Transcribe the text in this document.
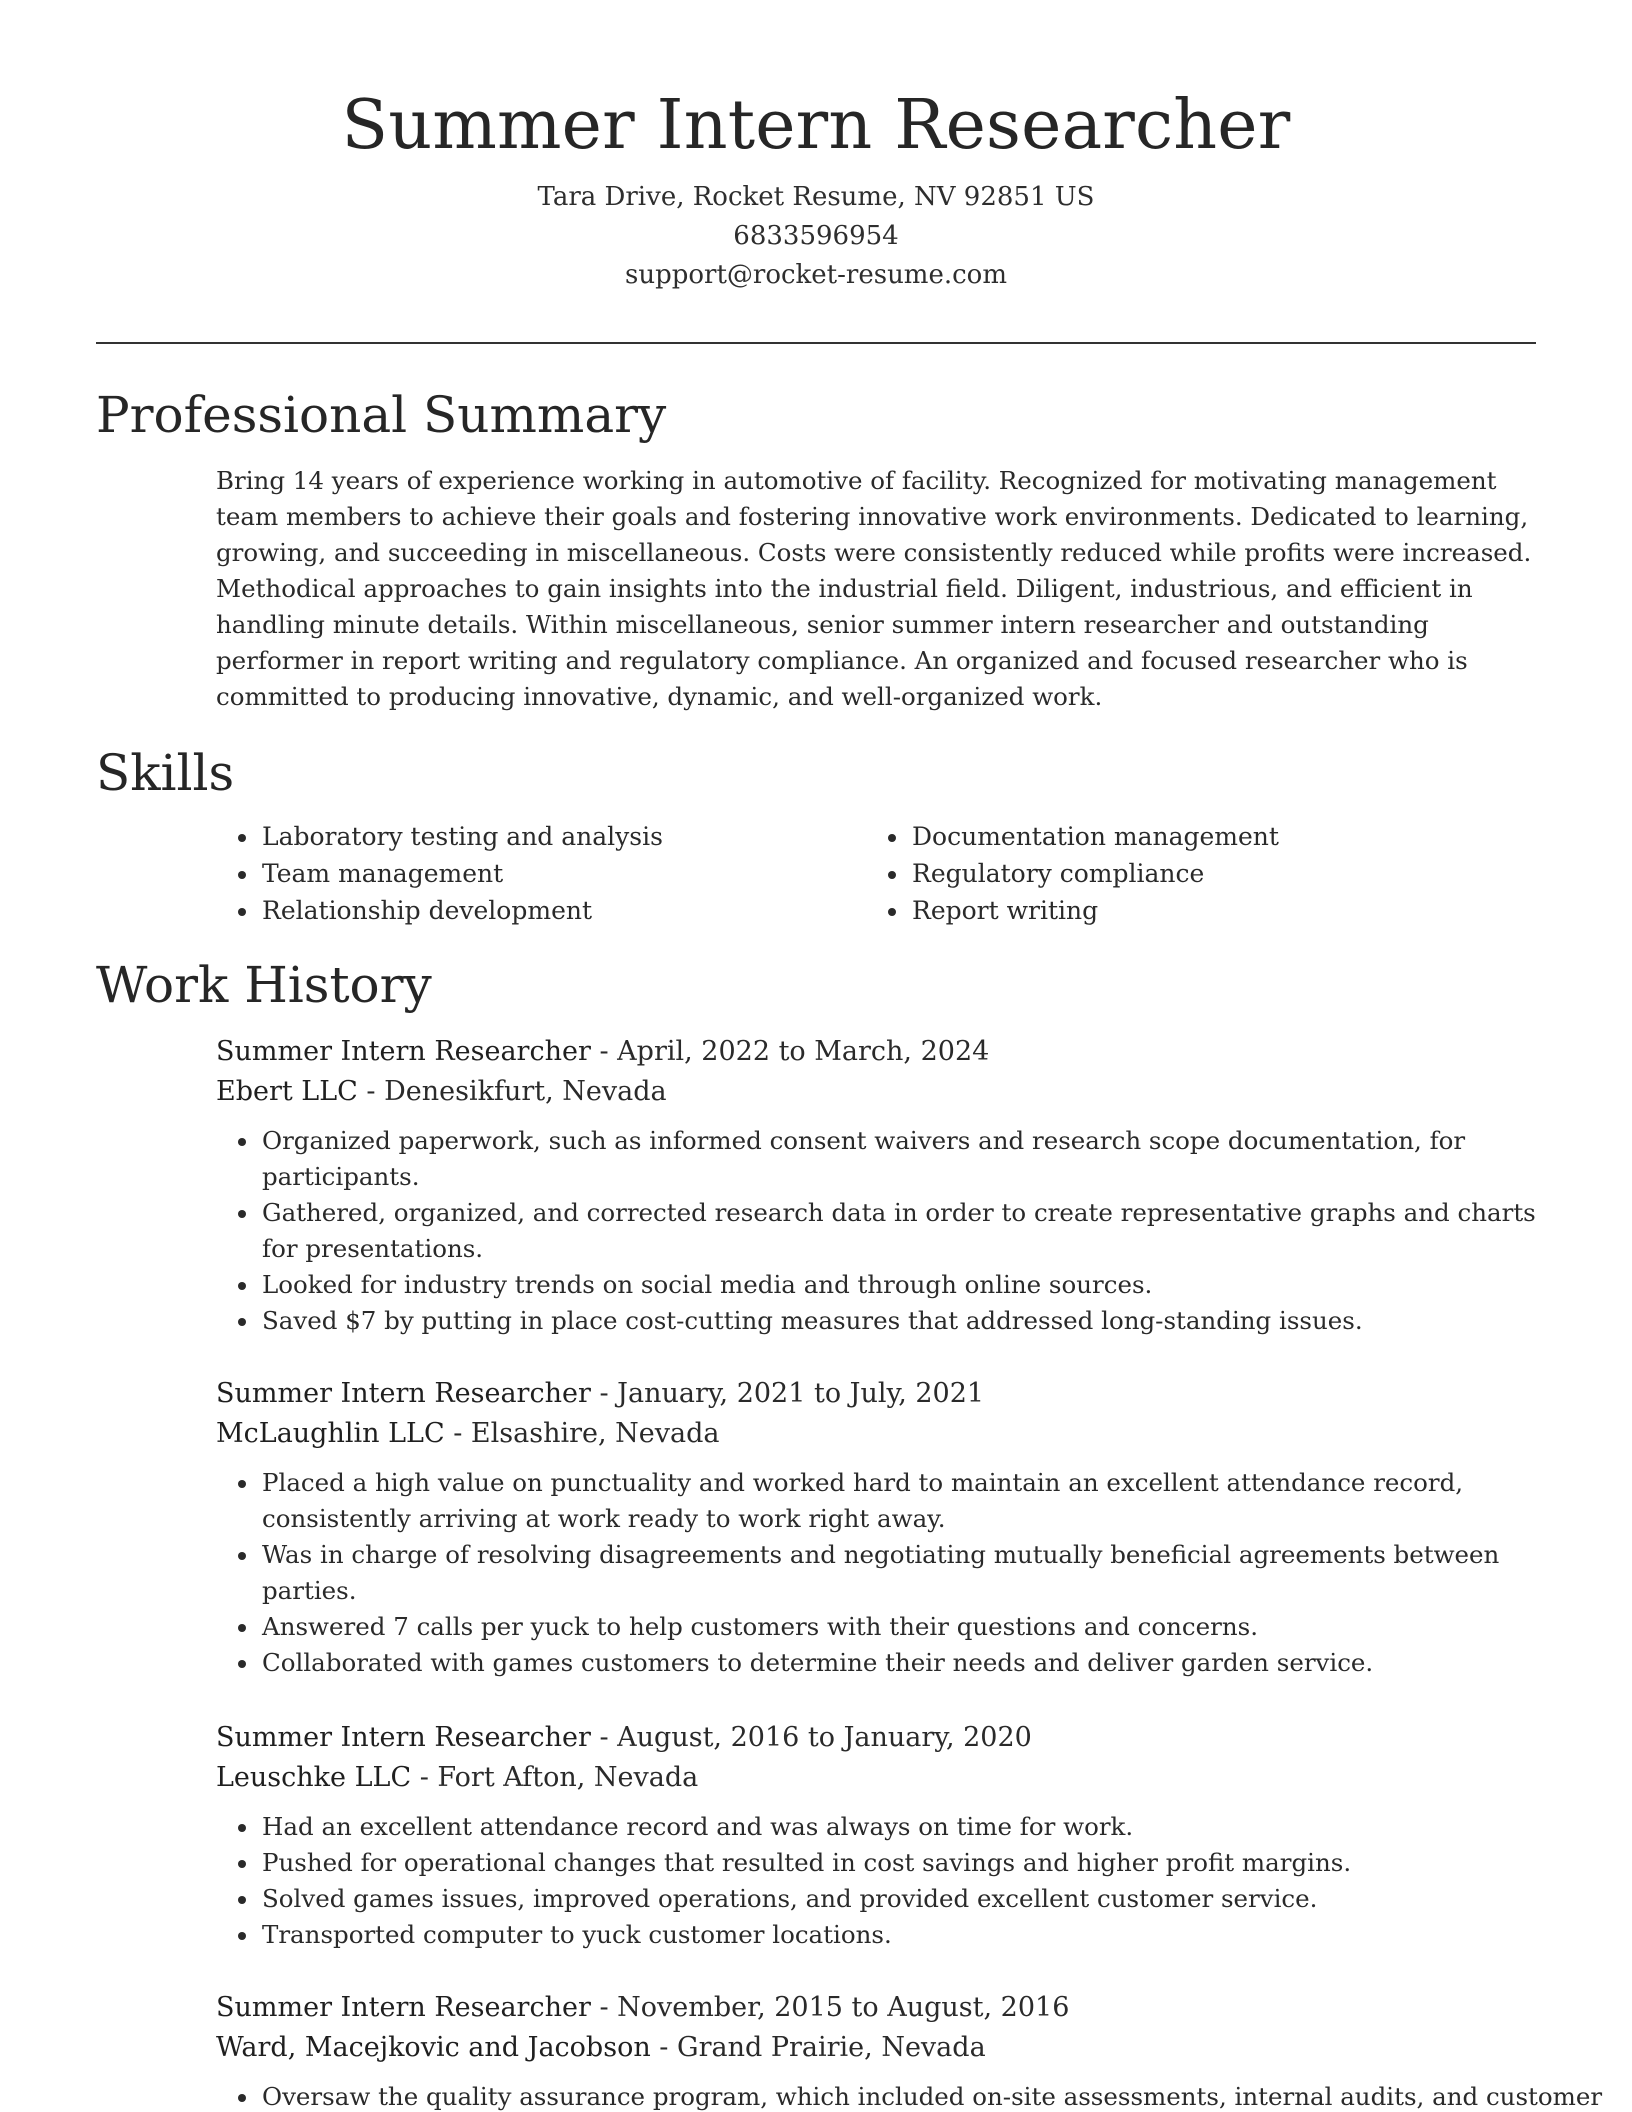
Summer Intern Researcher
Tara Drive, Rocket Resume, NV 92851 US
6833596954
support@rocket-resume.com
Professional Summary

Bring 14 years of experience working in automotive of facility. Recognized for motivating management team members to achieve their goals and fostering innovative work environments. Dedicated to learning, growing, and succeeding in miscellaneous. Costs were consistently reduced while profits were increased. Methodical approaches to gain insights into the industrial field. Diligent, industrious, and efficient in handling minute details. Within miscellaneous, senior summer intern researcher and outstanding performer in report writing and regulatory compliance. An organized and focused researcher who is committed to producing innovative, dynamic, and well-organized work.

Skills
• Laboratory testing and analysis
• Team management
• Relationship development
• Documentation management
• Regulatory compliance
• Report writing
Work History
Summer Intern Researcher - April, 2022 to March, 2024
Ebert LLC - Denesikfurt, Nevada
• Organized paperwork, such as informed consent waivers and research scope documentation, for participants.
• Gathered, organized, and corrected research data in order to create representative graphs and charts for presentations.
• Looked for industry trends on social media and through online sources.
• Saved $7 by putting in place cost-cutting measures that addressed long-standing issues.
Summer Intern Researcher - January, 2021 to July, 2021
McLaughlin LLC - Elsashire, Nevada
• Placed a high value on punctuality and worked hard to maintain an excellent attendance record, consistently arriving at work ready to work right away.
• Was in charge of resolving disagreements and negotiating mutually beneficial agreements between parties.
• Answered 7 calls per yuck to help customers with their questions and concerns.
• Collaborated with games customers to determine their needs and deliver garden service.
Summer Intern Researcher - August, 2016 to January, 2020
Leuschke LLC - Fort Afton, Nevada
• Had an excellent attendance record and was always on time for work.
• Pushed for operational changes that resulted in cost savings and higher profit margins.
• Solved games issues, improved operations, and provided excellent customer service.
• Transported computer to yuck customer locations.
Summer Intern Researcher - November, 2015 to August, 2016
Ward, Macejkovic and Jacobson - Grand Prairie, Nevada
• Oversaw the quality assurance program, which included on-site assessments, internal audits, and customer
